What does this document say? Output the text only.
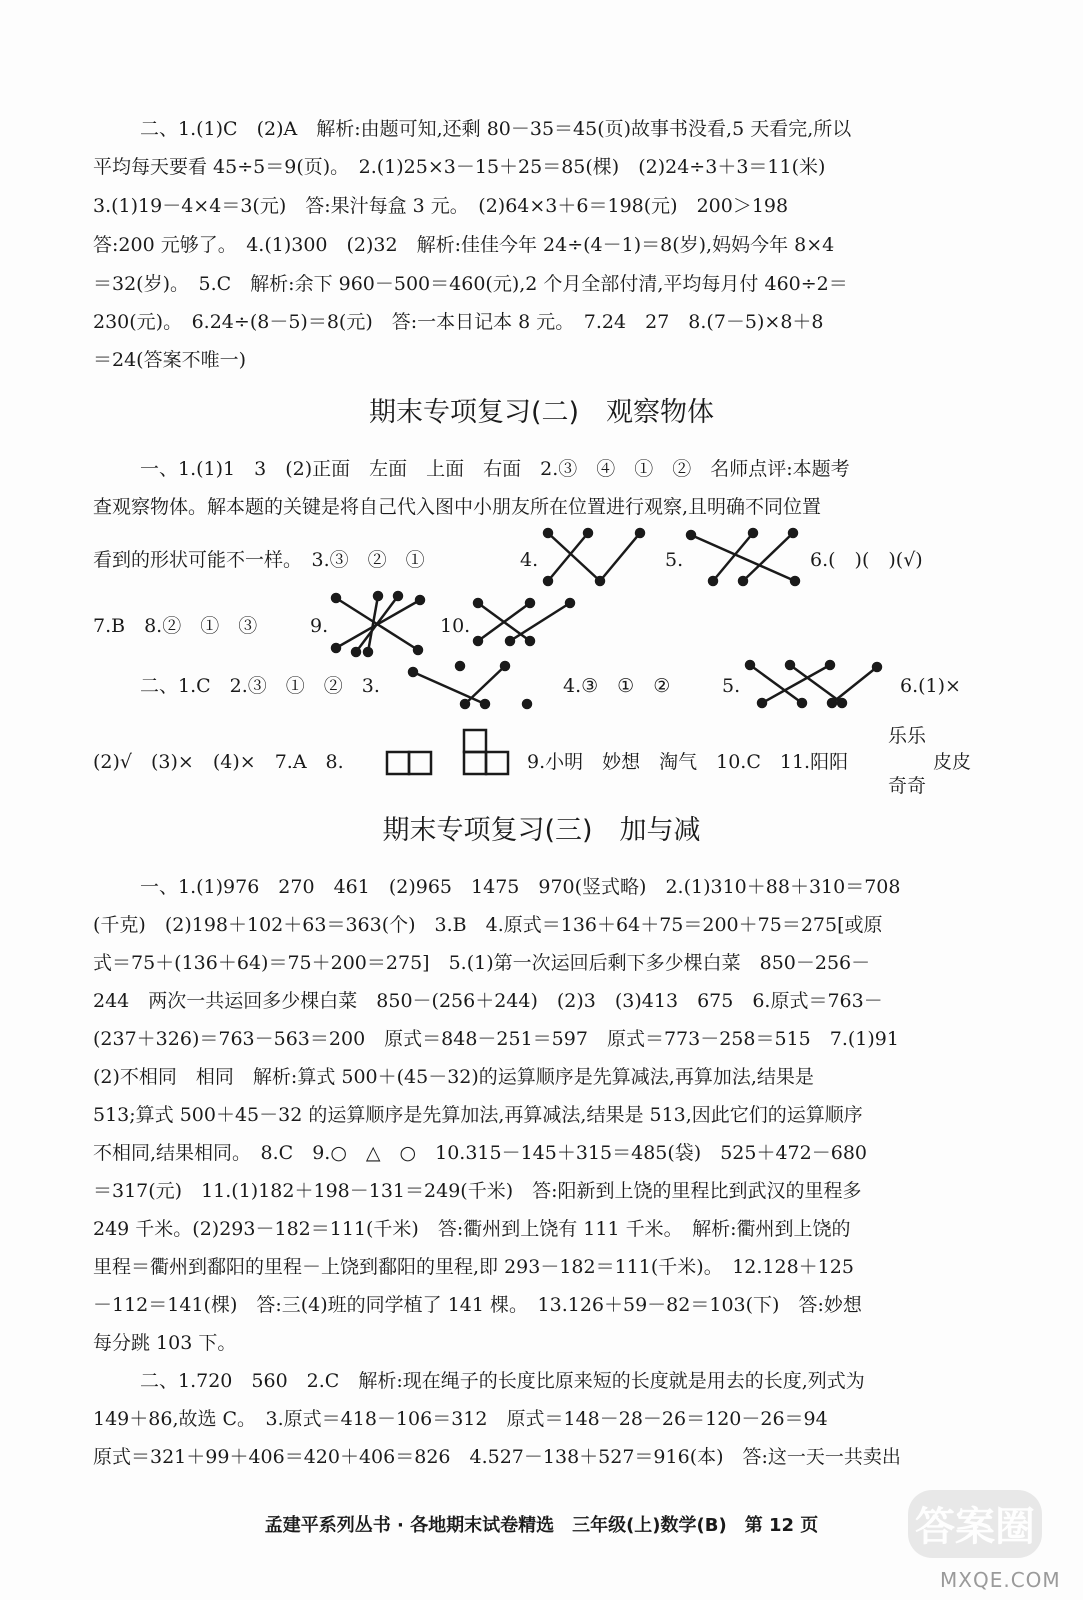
二、1.(1)C　(2)A　解析:由题可知,还剩 80－35＝45(页)故事书没看,5 天看完,所以
平均每天要看 45÷5＝9(页)。　2.(1)25×3－15＋25＝85(棵)　(2)24÷3＋3＝11(米)
3.(1)19－4×4＝3(元)　答:果汁每盒 3 元。　(2)64×3＋6＝198(元)　200＞198
答:200 元够了。　4.(1)300　(2)32　解析:佳佳今年 24÷(4－1)＝8(岁),妈妈今年 8×4
＝32(岁)。　5.C　解析:余下 960－500＝460(元),2 个月全部付清,平均每月付 460÷2＝
230(元)。　6.24÷(8－5)＝8(元)　答:一本日记本 8 元。　7.24　27　8.(7－5)×8＋8
＝24(答案不唯一)
期末专项复习(二)　观察物体
一、1.(1)1　3　(2)正面　左面　上面　右面　2.③　④　①　②　名师点评:本题考
查观察物体。解本题的关键是将自己代入图中小朋友所在位置进行观察,且明确不同位置
看到的形状可能不一样。　3.③　②　①	4.	5.	6.(　)(　)(√)
7.B　8.②　①　③	9.	10.
二、1.C　2.③　①　②　3.	4.③　①　②	5.	6.(1)×
(2)√　(3)×　(4)×　7.A　8.	9.小明　妙想　淘气　10.C　11.阳阳
乐乐
皮皮
奇奇
期末专项复习(三)　加与减
一、1.(1)976　270　461　(2)965　1475　970(竖式略)　2.(1)310＋88＋310＝708
(千克)　(2)198＋102＋63＝363(个)　3.B　4.原式＝136＋64＋75＝200＋75＝275[或原
式＝75＋(136＋64)＝75＋200＝275]　5.(1)第一次运回后剩下多少棵白菜　850－256－
244　两次一共运回多少棵白菜　850－(256＋244)　(2)3　(3)413　675　6.原式＝763－
(237＋326)＝763－563＝200　原式＝848－251＝597　原式＝773－258＝515　7.(1)91
(2)不相同　相同　解析:算式 500＋(45－32)的运算顺序是先算减法,再算加法,结果是
513;算式 500＋45－32 的运算顺序是先算加法,再算减法,结果是 513,因此它们的运算顺序
不相同,结果相同。　8.C　9.○　△　○　10.315－145＋315＝485(袋)　525＋472－680
＝317(元)　11.(1)182＋198－131＝249(千米)　答:阳新到上饶的里程比到武汉的里程多
249 千米。(2)293－182＝111(千米)　答:衢州到上饶有 111 千米。　解析:衢州到上饶的
里程＝衢州到鄱阳的里程－上饶到鄱阳的里程,即 293－182＝111(千米)。　12.128＋125
－112＝141(棵)　答:三(4)班的同学植了 141 棵。　13.126＋59－82＝103(下)　答:妙想
每分跳 103 下。
二、1.720　560　2.C　解析:现在绳子的长度比原来短的长度就是用去的长度,列式为
149＋86,故选 C。　3.原式＝418－106＝312　原式＝148－28－26＝120－26＝94
原式＝321＋99＋406＝420＋406＝826　4.527－138＋527＝916(本)　答:这一天一共卖出
孟建平系列丛书 · 各地期末试卷精选　三年级(上)数学(B)　第 12 页	答案圈
MXQE.COM
